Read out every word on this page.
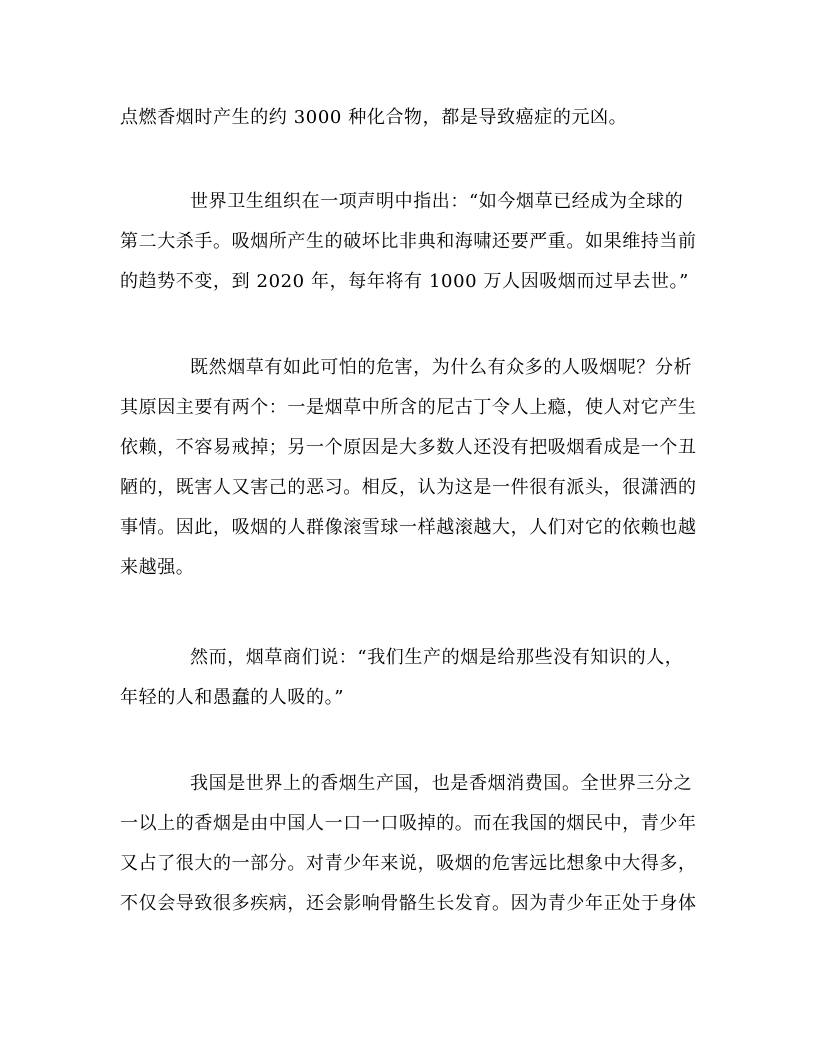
点燃香烟时产生的约 3000 种化合物，都是导致癌症的元凶。
世界卫生组织在一项声明中指出：“如今烟草已经成为全球的
第二大杀手。吸烟所产生的破坏比非典和海啸还要严重。如果维持当前
的趋势不变，到 2020 年，每年将有 1000 万人因吸烟而过早去世。”
既然烟草有如此可怕的危害，为什么有众多的人吸烟呢？分析
其原因主要有两个：一是烟草中所含的尼古丁令人上瘾，使人对它产生
依赖，不容易戒掉；另一个原因是大多数人还没有把吸烟看成是一个丑
陋的，既害人又害己的恶习。相反，认为这是一件很有派头，很潇洒的
事情。因此，吸烟的人群像滚雪球一样越滚越大，人们对它的依赖也越
来越强。
然而，烟草商们说：“我们生产的烟是给那些没有知识的人，
年轻的人和愚蠢的人吸的。”
我国是世界上的香烟生产国，也是香烟消费国。全世界三分之
一以上的香烟是由中国人一口一口吸掉的。而在我国的烟民中，青少年
又占了很大的一部分。对青少年来说，吸烟的危害远比想象中大得多，
不仅会导致很多疾病，还会影响骨骼生长发育。因为青少年正处于身体
